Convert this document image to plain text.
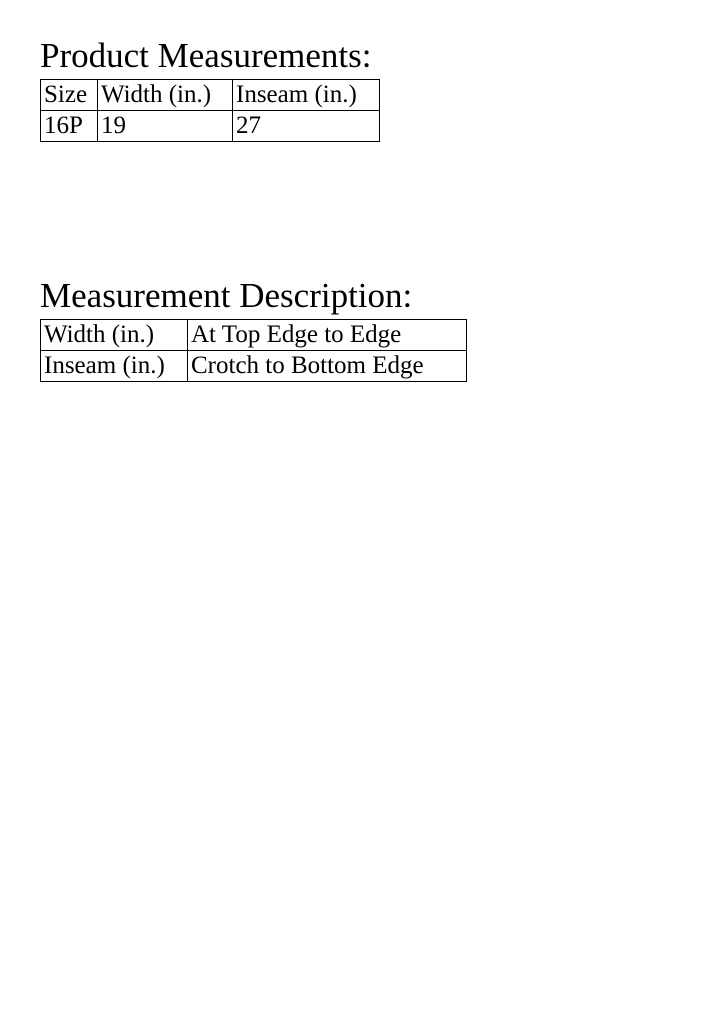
Product Measurements:
Size	Width (in.)	Inseam (in.)
16P	19	27
Measurement Description:
Width (in.)	At Top Edge to Edge
Inseam (in.)	Crotch to Bottom Edge
